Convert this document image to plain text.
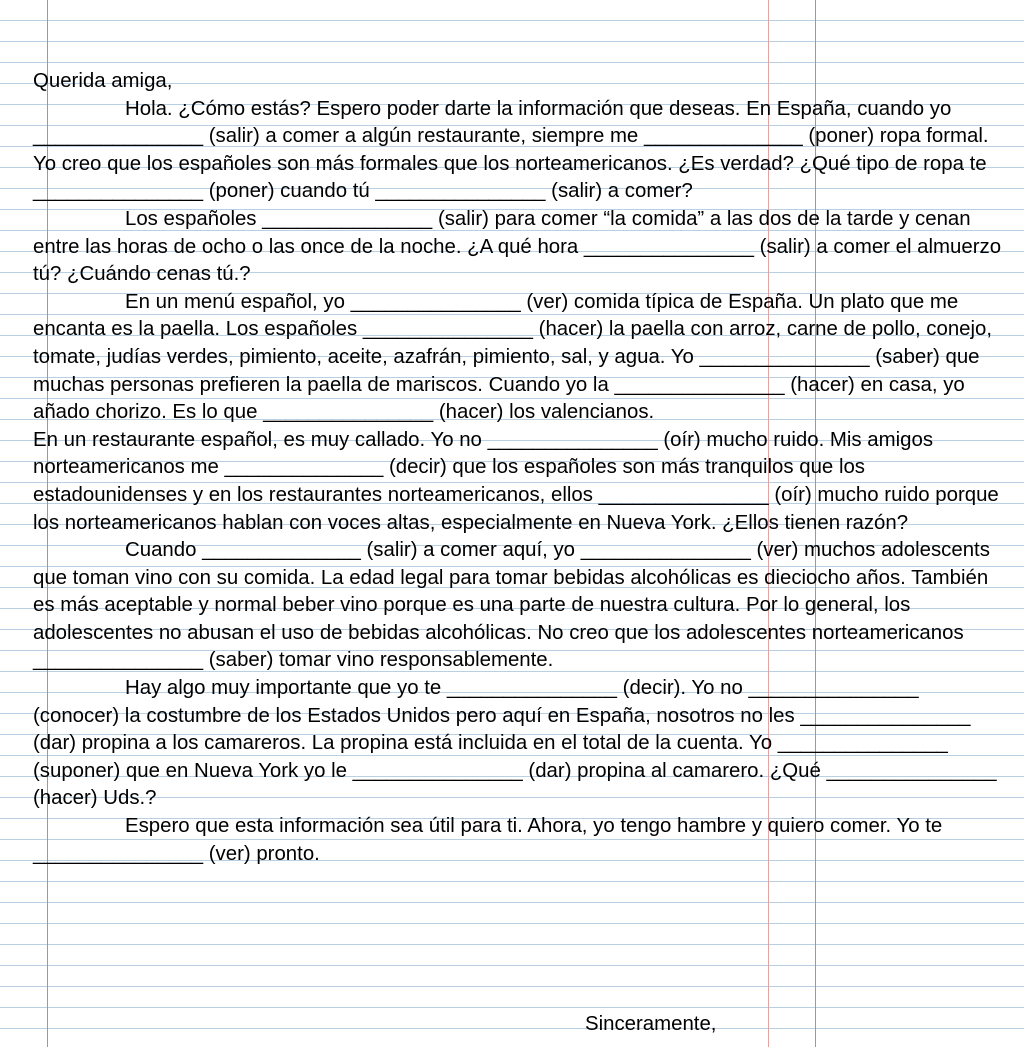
Querida amiga,

Hola. ¿Cómo estás? Espero poder darte la información que deseas. En España, cuando yo _______________ (salir) a comer a algún restaurante, siempre me ______________ (poner) ropa formal. Yo creo que los españoles son más formales que los norteamericanos. ¿Es verdad? ¿Qué tipo de ropa te _______________ (poner) cuando tú _______________ (salir) a comer?

Los españoles _______________ (salir) para comer “la comida” a las dos de la tarde y cenan entre las horas de ocho o las once de la noche. ¿A qué hora _______________ (salir) a comer el almuerzo tú? ¿Cuándo cenas tú.?

En un menú español, yo _______________ (ver) comida típica de España. Un plato que me encanta es la paella. Los españoles _______________ (hacer) la paella con arroz, carne de pollo, conejo, tomate, judías verdes, pimiento, aceite, azafrán, pimiento, sal, y agua. Yo _______________ (saber) que muchas personas prefieren la paella de mariscos. Cuando yo la _______________ (hacer) en casa, yo añado chorizo. Es lo que _______________ (hacer) los valencianos.

En un restaurante español, es muy callado. Yo no _______________ (oír) mucho ruido. Mis amigos norteamericanos me ______________ (decir) que los españoles son más tranquilos que los estadounidenses y en los restaurantes norteamericanos, ellos _______________ (oír) mucho ruido porque los norteamericanos hablan con voces altas, especialmente en Nueva York. ¿Ellos tienen razón?

Cuando ______________ (salir) a comer aquí, yo _______________ (ver) muchos adolescents que toman vino con su comida. La edad legal para tomar bebidas alcohólicas es dieciocho años. También es más aceptable y normal beber vino porque es una parte de nuestra cultura. Por lo general, los adolescentes no abusan el uso de bebidas alcohólicas. No creo que los adolescentes norteamericanos _______________ (saber) tomar vino responsablemente.

Hay algo muy importante que yo te _______________ (decir). Yo no _______________ (conocer) la costumbre de los Estados Unidos pero aquí en España, nosotros no les _______________ (dar) propina a los camareros. La propina está incluida en el total de la cuenta. Yo _______________ (suponer) que en Nueva York yo le _______________ (dar) propina al camarero. ¿Qué _______________ (hacer) Uds.?

Espero que esta información sea útil para ti. Ahora, yo tengo hambre y quiero comer. Yo te _______________ (ver) pronto.

Sinceramente,
